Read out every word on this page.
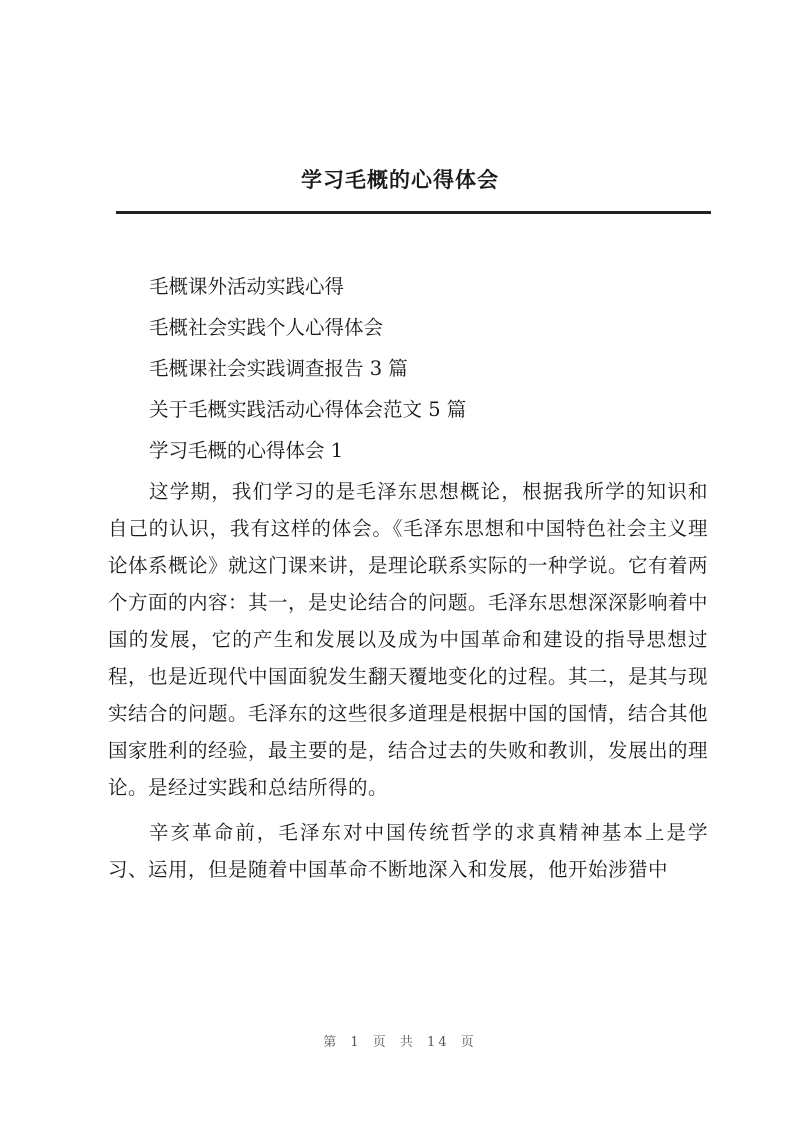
学习毛概的心得体会
毛概课外活动实践心得
毛概社会实践个人心得体会
毛概课社会实践调查报告 3 篇
关于毛概实践活动心得体会范文 5 篇
学习毛概的心得体会 1

这学期，我们学习的是毛泽东思想概论，根据我所学的知识和自己的认识，我有这样的体会。《毛泽东思想和中国特色社会主义理论体系概论》就这门课来讲，是理论联系实际的一种学说。它有着两个方面的内容：其一，是史论结合的问题。毛泽东思想深深影响着中国的发展，它的产生和发展以及成为中国革命和建设的指导思想过程，也是近现代中国面貌发生翻天覆地变化的过程。其二，是其与现实结合的问题。毛泽东的这些很多道理是根据中国的国情，结合其他国家胜利的经验，最主要的是，结合过去的失败和教训，发展出的理论。是经过实践和总结所得的。

辛亥革命前，毛泽东对中国传统哲学的求真精神基本上是学习、运用，但是随着中国革命不断地深入和发展，他开始涉猎中

第 1 页 共 14 页
